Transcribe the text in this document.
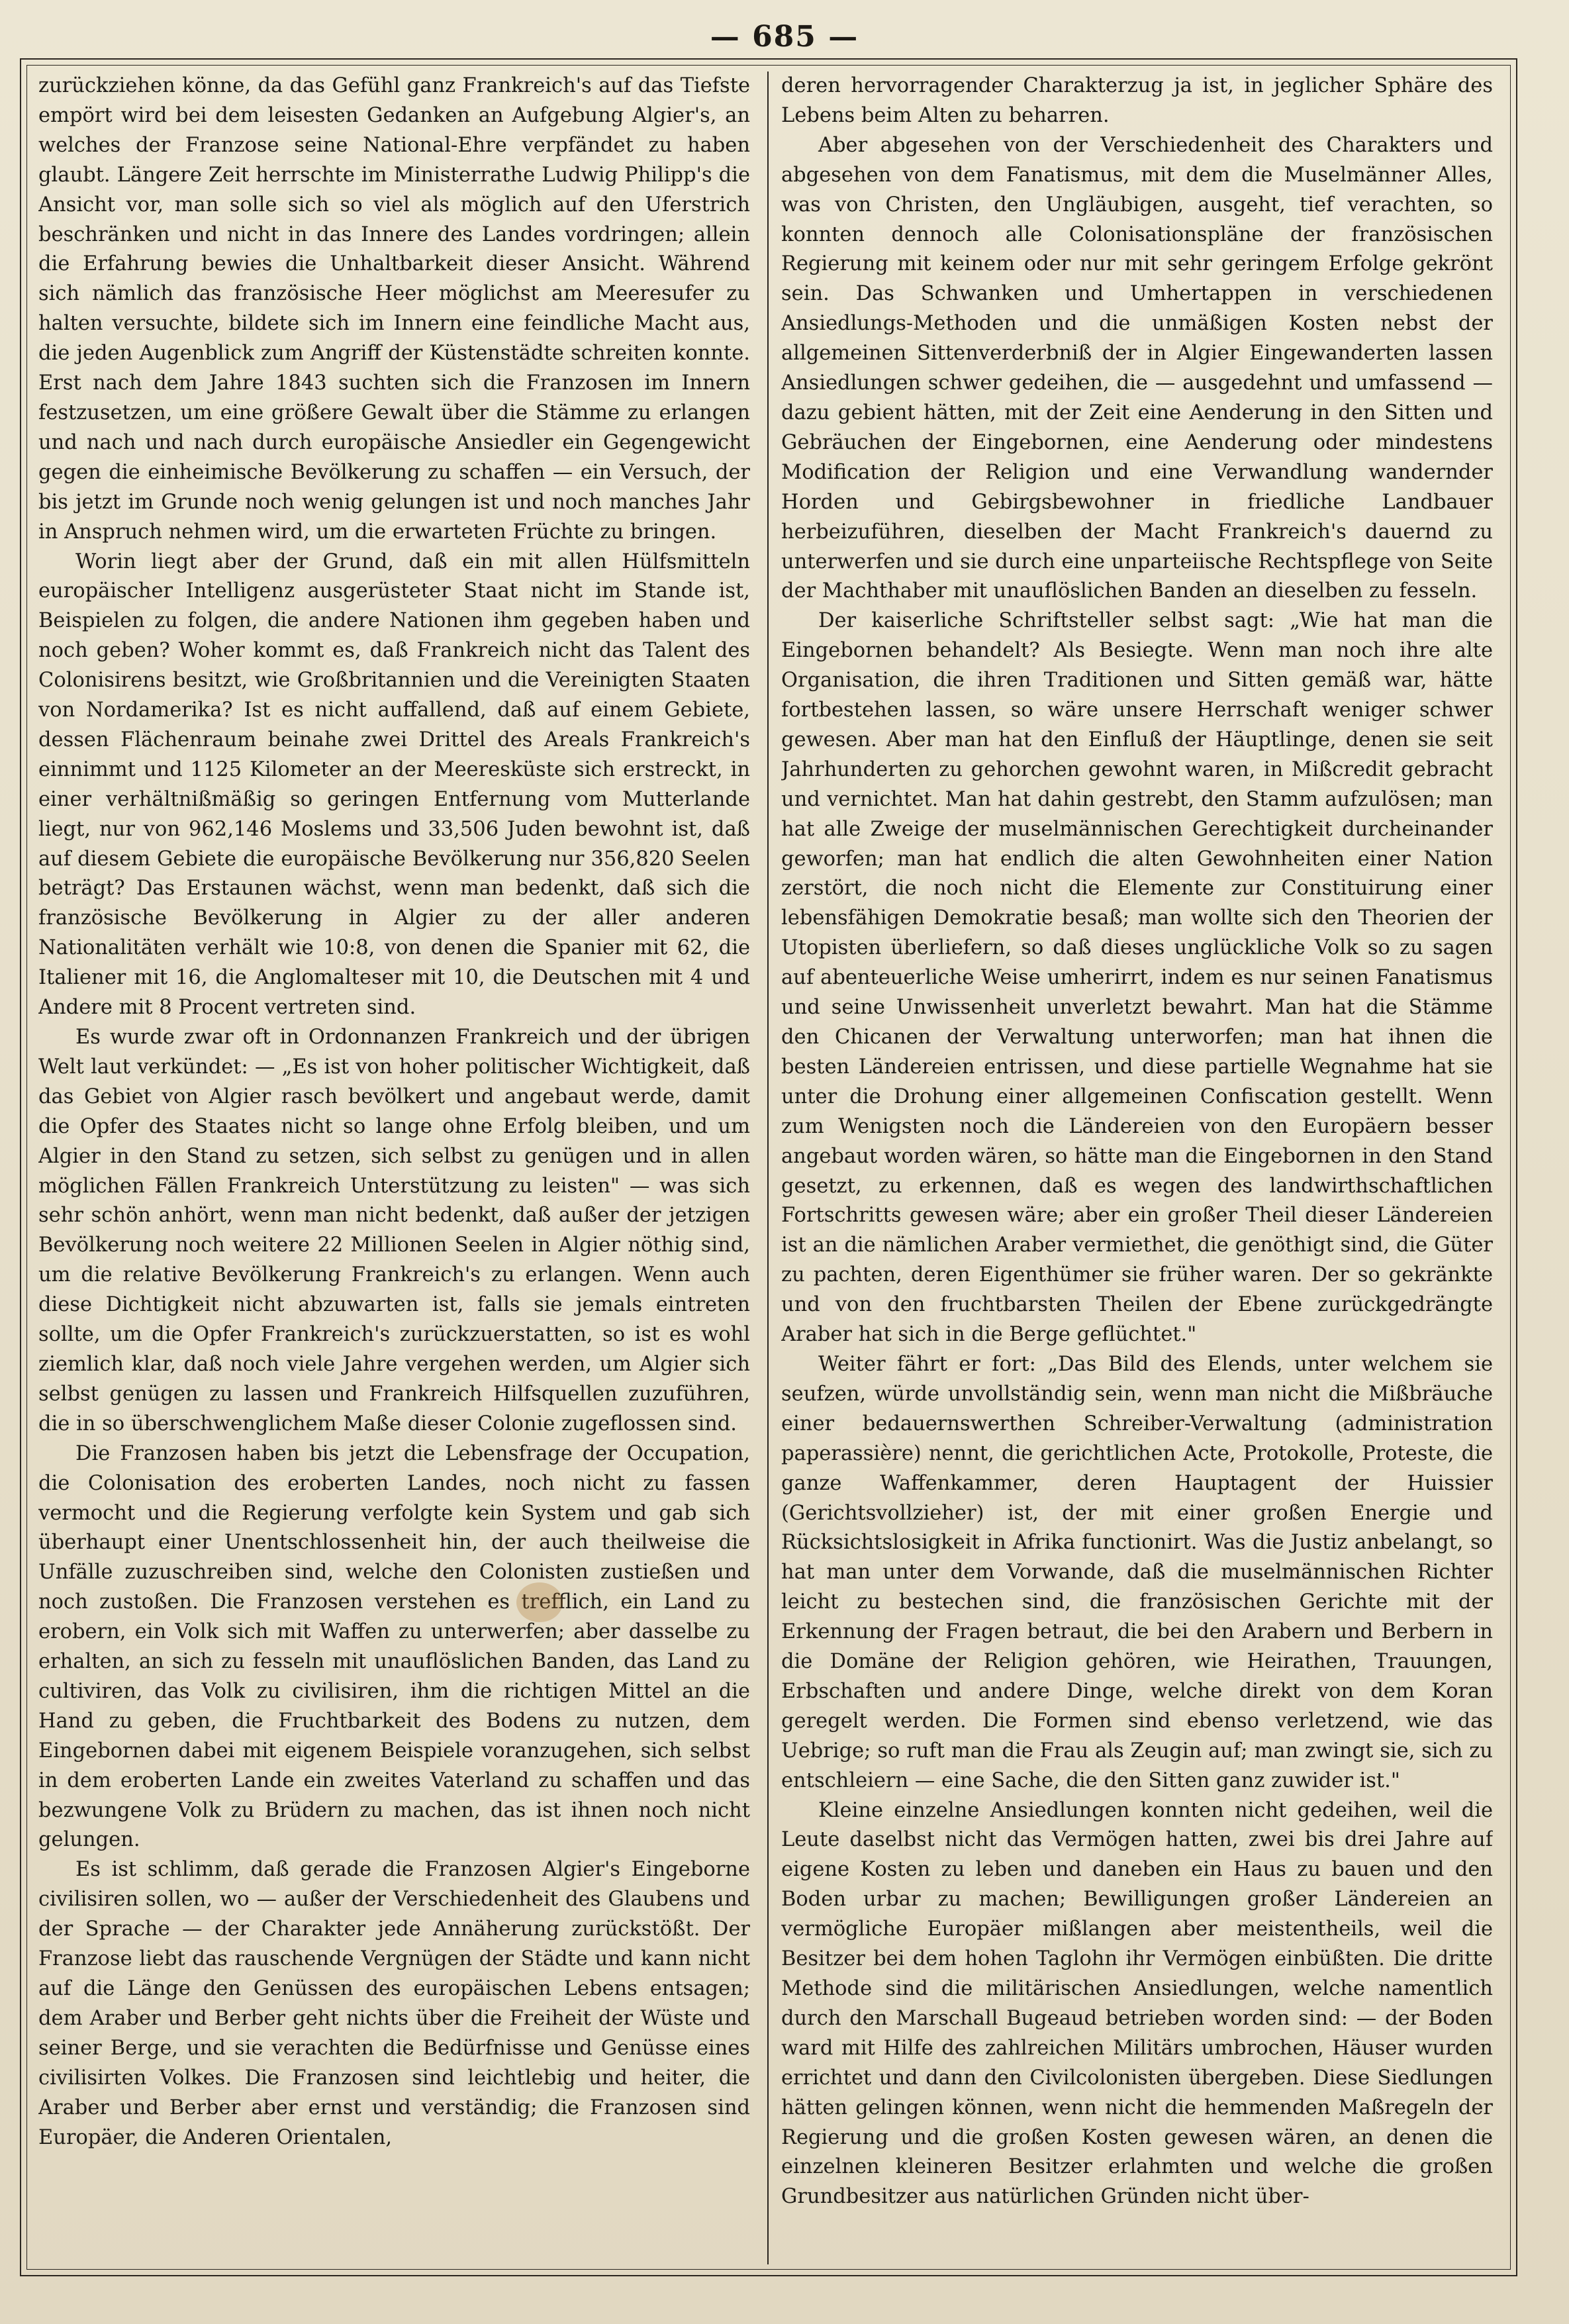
— 685 —

zurückziehen könne, da das Gefühl ganz Frankreich's auf das Tiefste empört wird bei dem leisesten Gedanken an Aufgebung Algier's, an welches der Franzose seine National-Ehre verpfändet zu haben glaubt. Längere Zeit herrschte im Ministerrathe Ludwig Philipp's die Ansicht vor, man solle sich so viel als möglich auf den Uferstrich beschränken und nicht in das Innere des Landes vordringen; allein die Erfahrung bewies die Unhaltbarkeit dieser Ansicht. Während sich nämlich das französische Heer möglichst am Meeresufer zu halten versuchte, bildete sich im Innern eine feindliche Macht aus, die jeden Augenblick zum Angriff der Küstenstädte schreiten konnte. Erst nach dem Jahre 1843 suchten sich die Franzosen im Innern festzusetzen, um eine größere Gewalt über die Stämme zu erlangen und nach und nach durch europäische Ansiedler ein Gegengewicht gegen die einheimische Bevölkerung zu schaffen — ein Versuch, der bis jetzt im Grunde noch wenig gelungen ist und noch manches Jahr in Anspruch nehmen wird, um die erwarteten Früchte zu bringen.

Worin liegt aber der Grund, daß ein mit allen Hülfsmitteln europäischer Intelligenz ausgerüsteter Staat nicht im Stande ist, Beispielen zu folgen, die andere Nationen ihm gegeben haben und noch geben? Woher kommt es, daß Frankreich nicht das Talent des Colonisirens besitzt, wie Großbritannien und die Vereinigten Staaten von Nordamerika? Ist es nicht auffallend, daß auf einem Gebiete, dessen Flächenraum beinahe zwei Drittel des Areals Frankreich's einnimmt und 1125 Kilometer an der Meeresküste sich erstreckt, in einer verhältnißmäßig so geringen Entfernung vom Mutterlande liegt, nur von 962,146 Moslems und 33,506 Juden bewohnt ist, daß auf diesem Gebiete die europäische Bevölkerung nur 356,820 Seelen beträgt? Das Erstaunen wächst, wenn man bedenkt, daß sich die französische Bevölkerung in Algier zu der aller anderen Nationalitäten verhält wie 10:8, von denen die Spanier mit 62, die Italiener mit 16, die Anglomalteser mit 10, die Deutschen mit 4 und Andere mit 8 Procent vertreten sind.

Es wurde zwar oft in Ordonnanzen Frankreich und der übrigen Welt laut verkündet: — „Es ist von hoher politischer Wichtigkeit, daß das Gebiet von Algier rasch bevölkert und angebaut werde, damit die Opfer des Staates nicht so lange ohne Erfolg bleiben, und um Algier in den Stand zu setzen, sich selbst zu genügen und in allen möglichen Fällen Frankreich Unterstützung zu leisten" — was sich sehr schön anhört, wenn man nicht bedenkt, daß außer der jetzigen Bevölkerung noch weitere 22 Millionen Seelen in Algier nöthig sind, um die relative Bevölkerung Frankreich's zu erlangen. Wenn auch diese Dichtigkeit nicht abzuwarten ist, falls sie jemals eintreten sollte, um die Opfer Frankreich's zurückzuerstatten, so ist es wohl ziemlich klar, daß noch viele Jahre vergehen werden, um Algier sich selbst genügen zu lassen und Frankreich Hilfsquellen zuzuführen, die in so überschwenglichem Maße dieser Colonie zugeflossen sind.

Die Franzosen haben bis jetzt die Lebensfrage der Occupation, die Colonisation des eroberten Landes, noch nicht zu fassen vermocht und die Regierung verfolgte kein System und gab sich überhaupt einer Unentschlossenheit hin, der auch theilweise die Unfälle zuzuschreiben sind, welche den Colonisten zustießen und noch zustoßen. Die Franzosen verstehen es trefflich, ein Land zu erobern, ein Volk sich mit Waffen zu unterwerfen; aber dasselbe zu erhalten, an sich zu fesseln mit unauflöslichen Banden, das Land zu cultiviren, das Volk zu civilisiren, ihm die richtigen Mittel an die Hand zu geben, die Fruchtbarkeit des Bodens zu nutzen, dem Eingebornen dabei mit eigenem Beispiele voranzugehen, sich selbst in dem eroberten Lande ein zweites Vaterland zu schaffen und das bezwungene Volk zu Brüdern zu machen, das ist ihnen noch nicht gelungen.

Es ist schlimm, daß gerade die Franzosen Algier's Eingeborne civilisiren sollen, wo — außer der Verschiedenheit des Glaubens und der Sprache — der Charakter jede Annäherung zurückstößt. Der Franzose liebt das rauschende Vergnügen der Städte und kann nicht auf die Länge den Genüssen des europäischen Lebens entsagen; dem Araber und Berber geht nichts über die Freiheit der Wüste und seiner Berge, und sie verachten die Bedürfnisse und Genüsse eines civilisirten Volkes. Die Franzosen sind leichtlebig und heiter, die Araber und Berber aber ernst und verständig; die Franzosen sind Europäer, die Anderen Orientalen,

deren hervorragender Charakterzug ja ist, in jeglicher Sphäre des Lebens beim Alten zu beharren.

Aber abgesehen von der Verschiedenheit des Charakters und abgesehen von dem Fanatismus, mit dem die Muselmänner Alles, was von Christen, den Ungläubigen, ausgeht, tief verachten, so konnten dennoch alle Colonisationspläne der französischen Regierung mit keinem oder nur mit sehr geringem Erfolge gekrönt sein. Das Schwanken und Umhertappen in verschiedenen Ansiedlungs-Methoden und die unmäßigen Kosten nebst der allgemeinen Sittenverderbniß der in Algier Eingewanderten lassen Ansiedlungen schwer gedeihen, die — ausgedehnt und umfassend — dazu gebient hätten, mit der Zeit eine Aenderung in den Sitten und Gebräuchen der Eingebornen, eine Aenderung oder mindestens Modification der Religion und eine Verwandlung wandernder Horden und Gebirgsbewohner in friedliche Landbauer herbeizuführen, dieselben der Macht Frankreich's dauernd zu unterwerfen und sie durch eine unparteiische Rechtspflege von Seite der Machthaber mit unauflöslichen Banden an dieselben zu fesseln.

Der kaiserliche Schriftsteller selbst sagt: „Wie hat man die Eingebornen behandelt? Als Besiegte. Wenn man noch ihre alte Organisation, die ihren Traditionen und Sitten gemäß war, hätte fortbestehen lassen, so wäre unsere Herrschaft weniger schwer gewesen. Aber man hat den Einfluß der Häuptlinge, denen sie seit Jahrhunderten zu gehorchen gewohnt waren, in Mißcredit gebracht und vernichtet. Man hat dahin gestrebt, den Stamm aufzulösen; man hat alle Zweige der muselmännischen Gerechtigkeit durcheinander geworfen; man hat endlich die alten Gewohnheiten einer Nation zerstört, die noch nicht die Elemente zur Constituirung einer lebensfähigen Demokratie besaß; man wollte sich den Theorien der Utopisten überliefern, so daß dieses unglückliche Volk so zu sagen auf abenteuerliche Weise umherirrt, indem es nur seinen Fanatismus und seine Unwissenheit unverletzt bewahrt. Man hat die Stämme den Chicanen der Verwaltung unterworfen; man hat ihnen die besten Ländereien entrissen, und diese partielle Wegnahme hat sie unter die Drohung einer allgemeinen Confiscation gestellt. Wenn zum Wenigsten noch die Ländereien von den Europäern besser angebaut worden wären, so hätte man die Eingebornen in den Stand gesetzt, zu erkennen, daß es wegen des landwirthschaftlichen Fortschritts gewesen wäre; aber ein großer Theil dieser Ländereien ist an die nämlichen Araber vermiethet, die genöthigt sind, die Güter zu pachten, deren Eigenthümer sie früher waren. Der so gekränkte und von den fruchtbarsten Theilen der Ebene zurückgedrängte Araber hat sich in die Berge geflüchtet."

Weiter fährt er fort: „Das Bild des Elends, unter welchem sie seufzen, würde unvollständig sein, wenn man nicht die Mißbräuche einer bedauernswerthen Schreiber-Verwaltung (administration paperassière) nennt, die gerichtlichen Acte, Protokolle, Proteste, die ganze Waffenkammer, deren Hauptagent der Huissier (Gerichtsvollzieher) ist, der mit einer großen Energie und Rücksichtslosigkeit in Afrika functionirt. Was die Justiz anbelangt, so hat man unter dem Vorwande, daß die muselmännischen Richter leicht zu bestechen sind, die französischen Gerichte mit der Erkennung der Fragen betraut, die bei den Arabern und Berbern in die Domäne der Religion gehören, wie Heirathen, Trauungen, Erbschaften und andere Dinge, welche direkt von dem Koran geregelt werden. Die Formen sind ebenso verletzend, wie das Uebrige; so ruft man die Frau als Zeugin auf; man zwingt sie, sich zu entschleiern — eine Sache, die den Sitten ganz zuwider ist."

Kleine einzelne Ansiedlungen konnten nicht gedeihen, weil die Leute daselbst nicht das Vermögen hatten, zwei bis drei Jahre auf eigene Kosten zu leben und daneben ein Haus zu bauen und den Boden urbar zu machen; Bewilligungen großer Ländereien an vermögliche Europäer mißlangen aber meistentheils, weil die Besitzer bei dem hohen Taglohn ihr Vermögen einbüßten. Die dritte Methode sind die militärischen Ansiedlungen, welche namentlich durch den Marschall Bugeaud betrieben worden sind: — der Boden ward mit Hilfe des zahlreichen Militärs umbrochen, Häuser wurden errichtet und dann den Civilcolonisten übergeben. Diese Siedlungen hätten gelingen können, wenn nicht die hemmenden Maßregeln der Regierung und die großen Kosten gewesen wären, an denen die einzelnen kleineren Besitzer erlahmten und welche die großen Grundbesitzer aus natürlichen Gründen nicht über-
